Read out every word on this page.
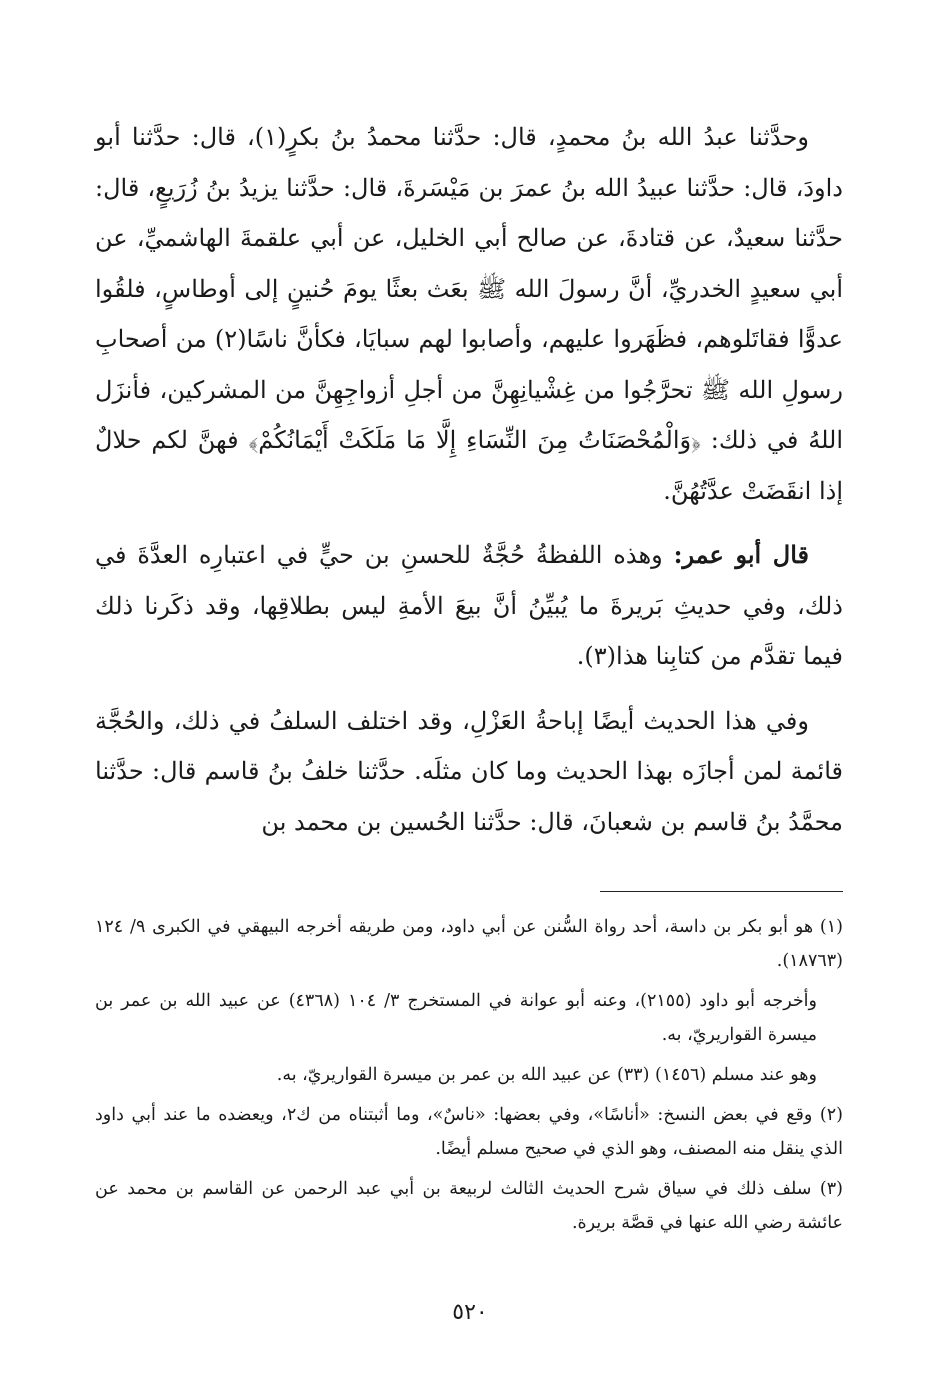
وحدَّثنا عبدُ الله بنُ محمدٍ، قال: حدَّثنا محمدُ بنُ بكرٍ(١)، قال: حدَّثنا أبو داودَ، قال: حدَّثنا عبيدُ الله بنُ عمرَ بن مَيْسَرةَ، قال: حدَّثنا يزيدُ بنُ زُرَيعٍ، قال: حدَّثنا سعيدٌ، عن قتادةَ، عن صالح أبي الخليل، عن أبي علقمةَ الهاشميِّ، عن أبي سعيدٍ الخدريِّ، أنَّ رسولَ الله ﷺ بعَث بعثًا يومَ حُنينٍ إلى أوطاسٍ، فلقُوا عدوًّا فقاتَلوهم، فظَهَروا عليهم، وأصابوا لهم سبايَا، فكأنَّ ناسًا(٢) من أصحابِ رسولِ الله ﷺ تحرَّجُوا من غِشْيانِهِنَّ من أجلِ أزواجِهِنَّ من المشركين، فأنزَل اللهُ في ذلك: ﴿وَالْمُحْصَنَاتُ مِنَ النِّسَاءِ إِلَّا مَا مَلَكَتْ أَيْمَانُكُمْ﴾ فهنَّ لكم حلالٌ إذا انقَضَتْ عدَّتُهُنَّ.

قال أبو عمر: وهذه اللفظةُ حُجَّةٌ للحسنِ بن حيٍّ في اعتبارِه العدَّةَ في ذلك، وفي حديثِ بَريرةَ ما يُبيِّنُ أنَّ بيعَ الأمةِ ليس بطلاقِها، وقد ذكَرنا ذلك فيما تقدَّم من كتابِنا هذا(٣).

وفي هذا الحديث أيضًا إباحةُ العَزْلِ، وقد اختلف السلفُ في ذلك، والحُجَّة قائمة لمن أجازَه بهذا الحديث وما كان مثلَه. حدَّثنا خلفُ بنُ قاسم قال: حدَّثنا محمَّدُ بنُ قاسم بن شعبانَ، قال: حدَّثنا الحُسين بن محمد بن

(١) هو أبو بكر بن داسة، أحد رواة السُّنن عن أبي داود، ومن طريقه أخرجه البيهقي في الكبرى ٩/ ١٢٤ (١٨٧٦٣).
وأخرجه أبو داود (٢١٥٥)، وعنه أبو عوانة في المستخرج ٣/ ١٠٤ (٤٣٦٨) عن عبيد الله بن عمر بن ميسرة القواريريّ، به.
وهو عند مسلم (١٤٥٦) (٣٣) عن عبيد الله بن عمر بن ميسرة القواريريّ، به.
(٢) وقع في بعض النسخ: «أناسًا»، وفي بعضها: «ناسٌ»، وما أثبتناه من ك٢، ويعضده ما عند أبي داود الذي ينقل منه المصنف، وهو الذي في صحيح مسلم أيضًا.
(٣) سلف ذلك في سياق شرح الحديث الثالث لربيعة بن أبي عبد الرحمن عن القاسم بن محمد عن عائشة رضي الله عنها في قصَّة بريرة.
٥٢٠
